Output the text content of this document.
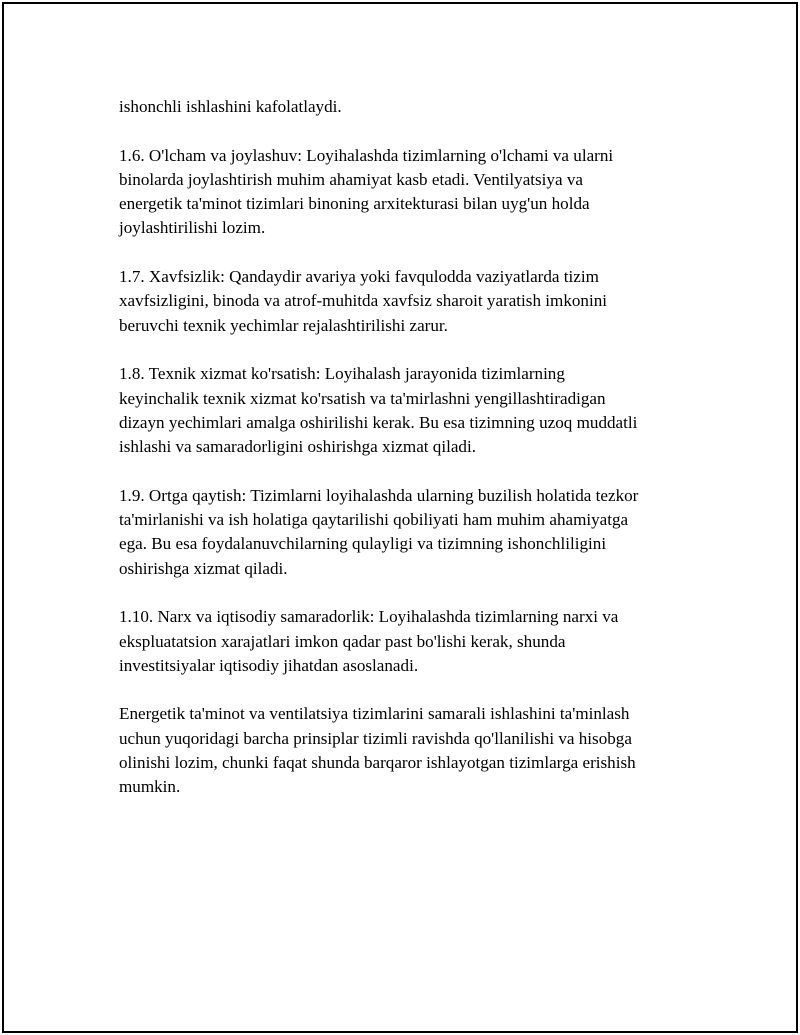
ishonchli ishlashini kafolatlaydi.

1.6. O'lcham va joylashuv: Loyihalashda tizimlarning o'lchami va ularni
binolarda joylashtirish muhim ahamiyat kasb etadi. Ventilyatsiya va
energetik ta'minot tizimlari binoning arxitekturasi bilan uyg'un holda
joylashtirilishi lozim.

1.7. Xavfsizlik: Qandaydir avariya yoki favqulodda vaziyatlarda tizim
xavfsizligini, binoda va atrof-muhitda xavfsiz sharoit yaratish imkonini
beruvchi texnik yechimlar rejalashtirilishi zarur.

1.8. Texnik xizmat ko'rsatish: Loyihalash jarayonida tizimlarning
keyinchalik texnik xizmat ko'rsatish va ta'mirlashni yengillashtiradigan
dizayn yechimlari amalga oshirilishi kerak. Bu esa tizimning uzoq muddatli
ishlashi va samaradorligini oshirishga xizmat qiladi.

1.9. Ortga qaytish: Tizimlarni loyihalashda ularning buzilish holatida tezkor
ta'mirlanishi va ish holatiga qaytarilishi qobiliyati ham muhim ahamiyatga
ega. Bu esa foydalanuvchilarning qulayligi va tizimning ishonchliligini
oshirishga xizmat qiladi.

1.10. Narx va iqtisodiy samaradorlik: Loyihalashda tizimlarning narxi va
ekspluatatsion xarajatlari imkon qadar past bo'lishi kerak, shunda
investitsiyalar iqtisodiy jihatdan asoslanadi.

Energetik ta'minot va ventilatsiya tizimlarini samarali ishlashini ta'minlash
uchun yuqoridagi barcha prinsiplar tizimli ravishda qo'llanilishi va hisobga
olinishi lozim, chunki faqat shunda barqaror ishlayotgan tizimlarga erishish
mumkin.
